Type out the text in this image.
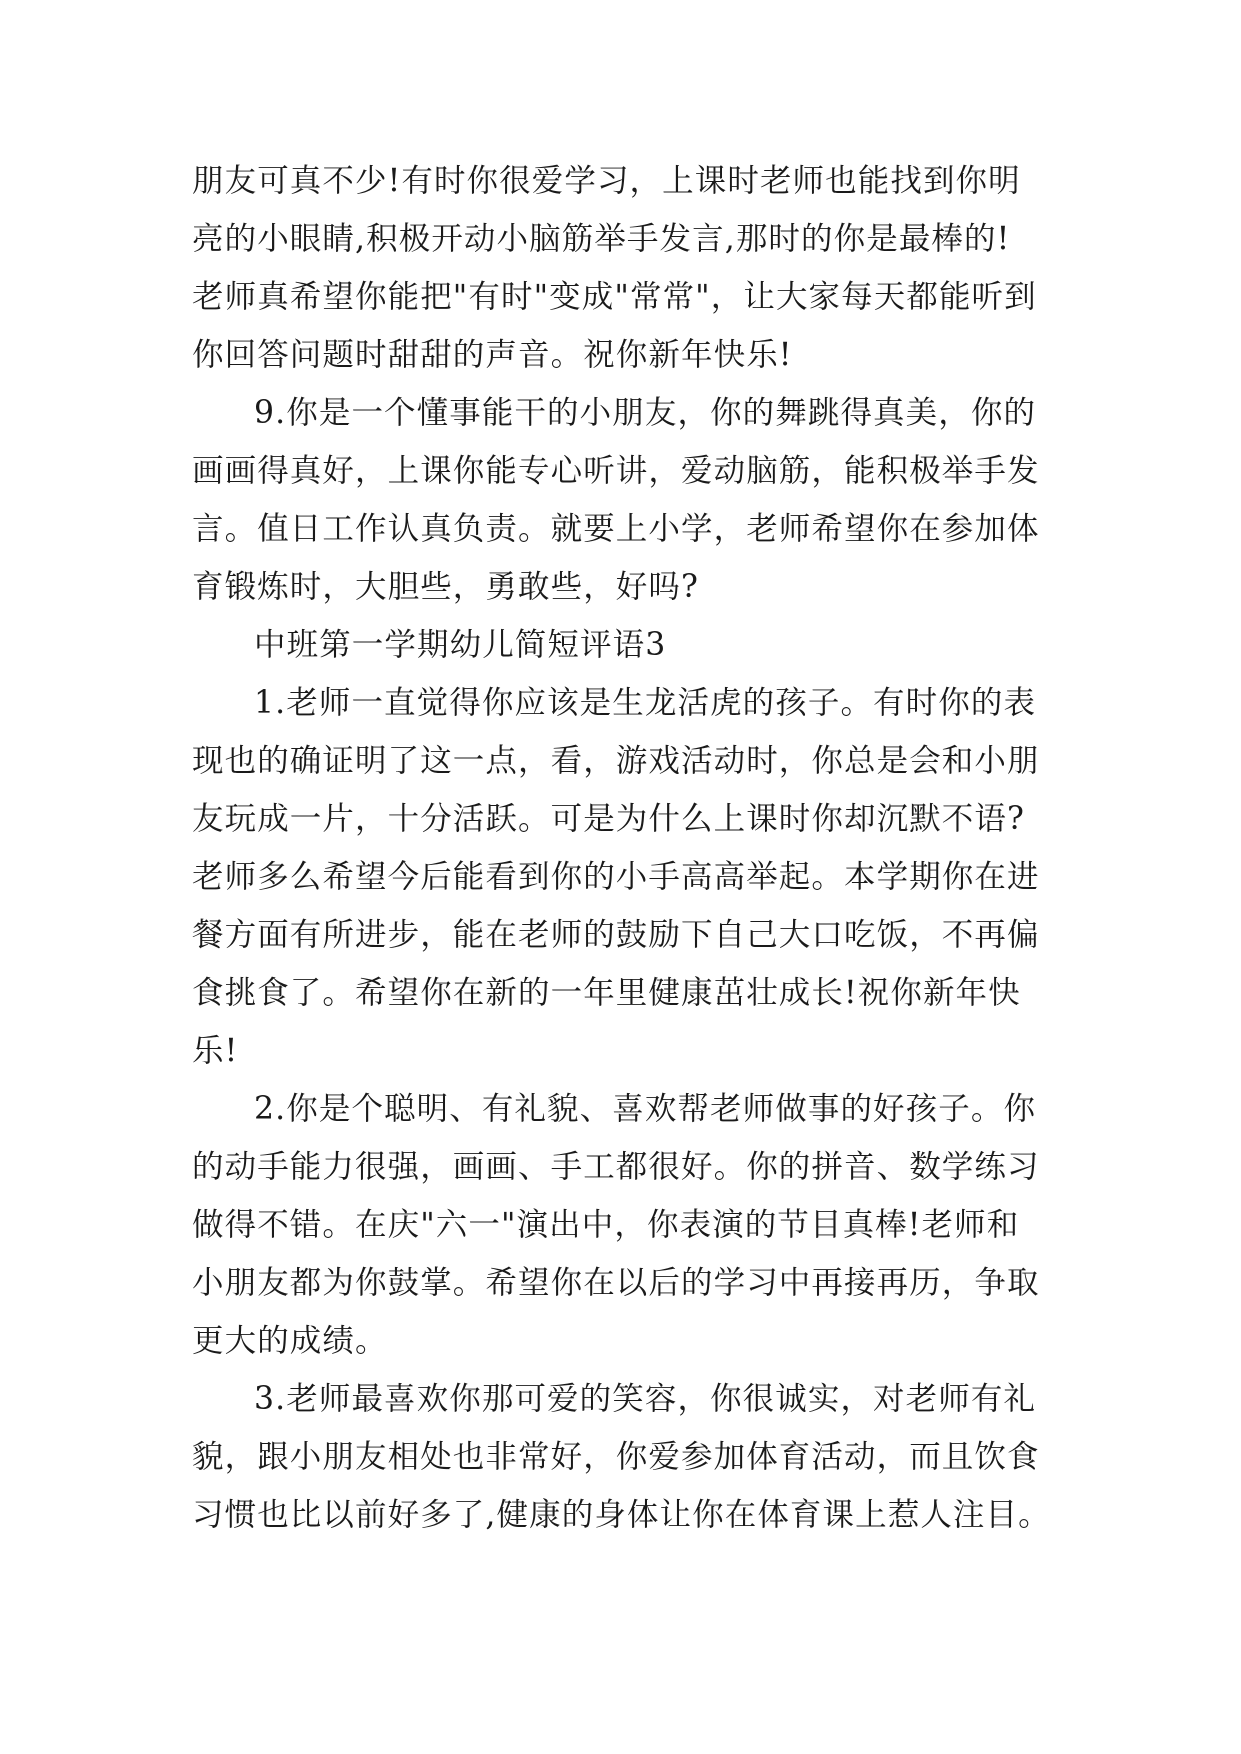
朋友可真不少!有时你很爱学习，上课时老师也能找到你明
亮的小眼睛,积极开动小脑筋举手发言,那时的你是最棒的!
老师真希望你能把"有时"变成"常常"，让大家每天都能听到
你回答问题时甜甜的声音。祝你新年快乐!
9.你是一个懂事能干的小朋友，你的舞跳得真美，你的
画画得真好，上课你能专心听讲，爱动脑筋，能积极举手发
言。值日工作认真负责。就要上小学，老师希望你在参加体
育锻炼时，大胆些，勇敢些，好吗?
中班第一学期幼儿简短评语3
1.老师一直觉得你应该是生龙活虎的孩子。有时你的表
现也的确证明了这一点，看，游戏活动时，你总是会和小朋
友玩成一片，十分活跃。可是为什么上课时你却沉默不语?
老师多么希望今后能看到你的小手高高举起。本学期你在进
餐方面有所进步，能在老师的鼓励下自己大口吃饭，不再偏
食挑食了。希望你在新的一年里健康茁壮成长!祝你新年快
乐!
2.你是个聪明、有礼貌、喜欢帮老师做事的好孩子。你
的动手能力很强，画画、手工都很好。你的拼音、数学练习
做得不错。在庆"六一"演出中，你表演的节目真棒!老师和
小朋友都为你鼓掌。希望你在以后的学习中再接再历，争取
更大的成绩。
3.老师最喜欢你那可爱的笑容，你很诚实，对老师有礼
貌，跟小朋友相处也非常好，你爱参加体育活动，而且饮食
习惯也比以前好多了,健康的身体让你在体育课上惹人注目。
